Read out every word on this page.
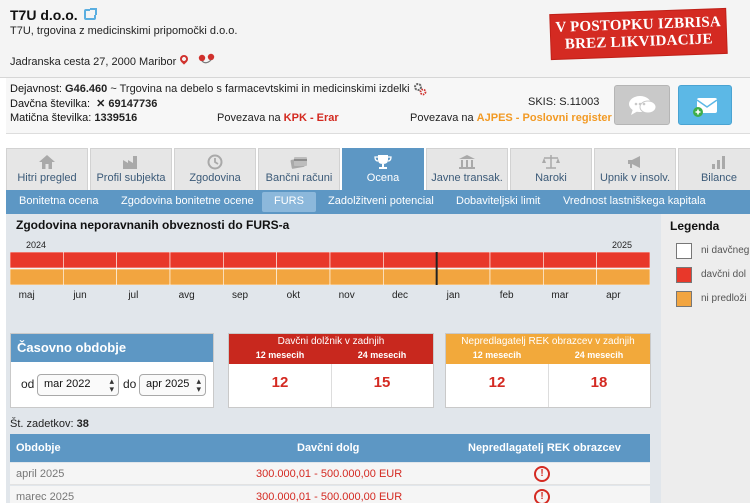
T7U d.o.o.
T7U, trgovina z medicinskimi pripomočki d.o.o.
Jadranska cesta 27, 2000 Maribor
V POSTOPKU IZBRISA
BREZ LIKVIDACIJE
Dejavnost: G46.460 ~ Trgovina na debelo s farmacevtskimi in medicinskimi izdelki
Davčna številka: ✕ 69147736
Matična številka: 1339516
SKIS: S.11003
Povezava na KPK - Erar	Povezava na AJPES - Poslovni register
Hitri pregled	Profil subjekta	Zgodovina	Bančni računi	Ocena	Javne transak.	Naroki	Upnik v insolv.	Bilance
Bonitetna ocena Zgodovina bonitetne ocene	FURS	Zadolžitveni potencial Dobaviteljski limit Vrednost lastniškega kapitala
Zgodovina neporavnanih obveznosti do FURS-a
2024	2025
maj	jun	jul	avg	sep	okt	nov	dec	jan	feb	mar	apr
Legenda
ni davčneg
davčni dol
ni predloži
Časovno obdobje
od mar 2022 ▴
▾ do apr 2025 ▴
▾
Davčni dolžnik v zadnjih
12 mesecih	24 mesecih
12	15
Nepredlagatelj REK obrazcev v zadnjih
12 mesecih	24 mesecih
12	18
Št. zadetkov: 38
Obdobje	Davčni dolg	Nepredlagatelj REK obrazcev
april 2025	300.000,01 - 500.000,00 EUR	!
marec 2025	300.000,01 - 500.000,00 EUR	!
